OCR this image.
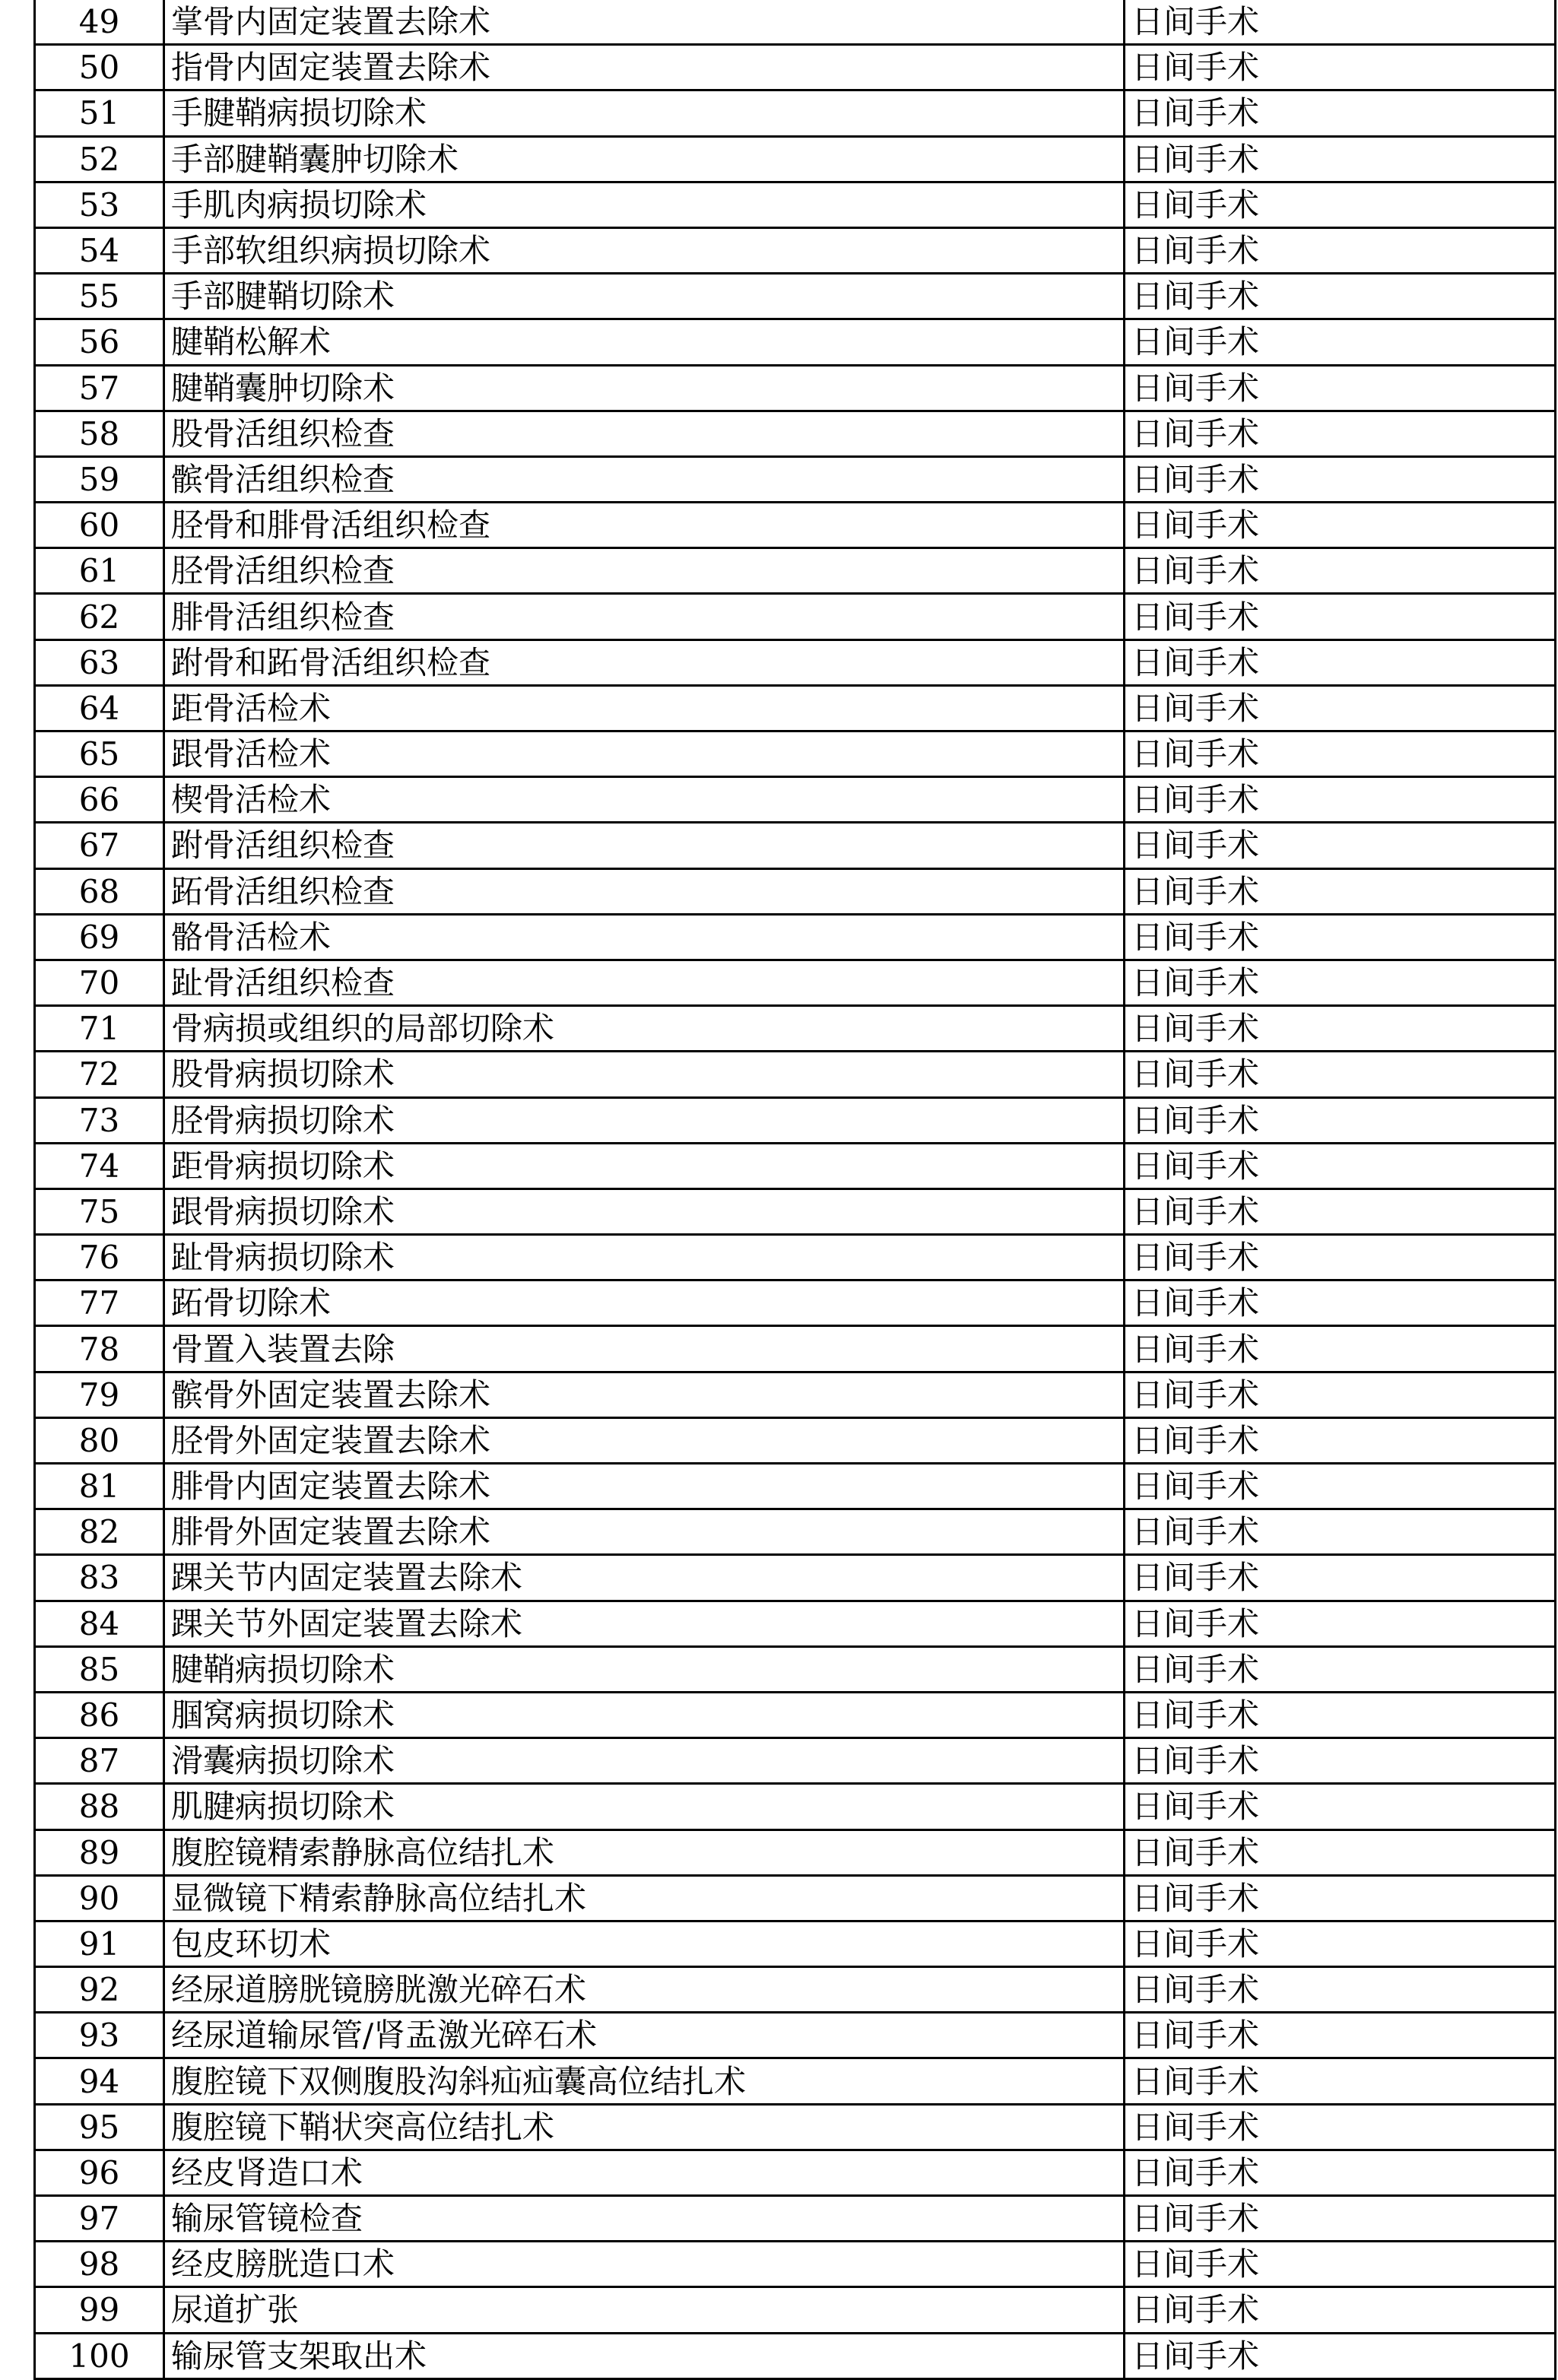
49	掌骨内固定装置去除术	日间手术
50	指骨内固定装置去除术	日间手术
51	手腱鞘病损切除术	日间手术
52	手部腱鞘囊肿切除术	日间手术
53	手肌肉病损切除术	日间手术
54	手部软组织病损切除术	日间手术
55	手部腱鞘切除术	日间手术
56	腱鞘松解术	日间手术
57	腱鞘囊肿切除术	日间手术
58	股骨活组织检查	日间手术
59	髌骨活组织检查	日间手术
60	胫骨和腓骨活组织检查	日间手术
61	胫骨活组织检查	日间手术
62	腓骨活组织检查	日间手术
63	跗骨和跖骨活组织检查	日间手术
64	距骨活检术	日间手术
65	跟骨活检术	日间手术
66	楔骨活检术	日间手术
67	跗骨活组织检查	日间手术
68	跖骨活组织检查	日间手术
69	骼骨活检术	日间手术
70	趾骨活组织检查	日间手术
71	骨病损或组织的局部切除术	日间手术
72	股骨病损切除术	日间手术
73	胫骨病损切除术	日间手术
74	距骨病损切除术	日间手术
75	跟骨病损切除术	日间手术
76	趾骨病损切除术	日间手术
77	跖骨切除术	日间手术
78	骨置入装置去除	日间手术
79	髌骨外固定装置去除术	日间手术
80	胫骨外固定装置去除术	日间手术
81	腓骨内固定装置去除术	日间手术
82	腓骨外固定装置去除术	日间手术
83	踝关节内固定装置去除术	日间手术
84	踝关节外固定装置去除术	日间手术
85	腱鞘病损切除术	日间手术
86	腘窝病损切除术	日间手术
87	滑囊病损切除术	日间手术
88	肌腱病损切除术	日间手术
89	腹腔镜精索静脉高位结扎术	日间手术
90	显微镜下精索静脉高位结扎术	日间手术
91	包皮环切术	日间手术
92	经尿道膀胱镜膀胱激光碎石术	日间手术
93	经尿道输尿管/肾盂激光碎石术	日间手术
94	腹腔镜下双侧腹股沟斜疝疝囊高位结扎术	日间手术
95	腹腔镜下鞘状突高位结扎术	日间手术
96	经皮肾造口术	日间手术
97	输尿管镜检查	日间手术
98	经皮膀胱造口术	日间手术
99	尿道扩张	日间手术
100	输尿管支架取出术	日间手术
